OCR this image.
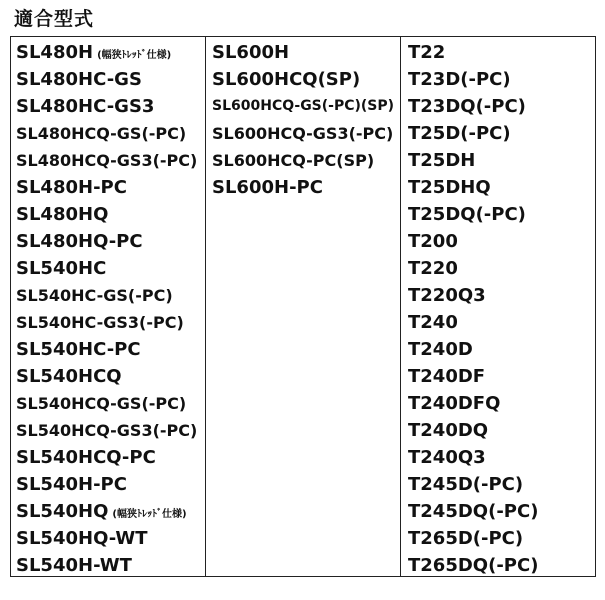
適合型式
SL480H (幅狭ﾄﾚｯﾄﾞ仕様)
SL480HC-GS
SL480HC-GS3
SL480HCQ-GS(-PC)
SL480HCQ-GS3(-PC)
SL480H-PC
SL480HQ
SL480HQ-PC
SL540HC
SL540HC-GS(-PC)
SL540HC-GS3(-PC)
SL540HC-PC
SL540HCQ
SL540HCQ-GS(-PC)
SL540HCQ-GS3(-PC)
SL540HCQ-PC
SL540H-PC
SL540HQ (幅狭ﾄﾚｯﾄﾞ仕様)
SL540HQ-WT
SL540H-WT
SL600H
SL600HCQ(SP)
SL600HCQ-GS(-PC)(SP)
SL600HCQ-GS3(-PC)
SL600HCQ-PC(SP)
SL600H-PC
T22
T23D(-PC)
T23DQ(-PC)
T25D(-PC)
T25DH
T25DHQ
T25DQ(-PC)
T200
T220
T220Q3
T240
T240D
T240DF
T240DFQ
T240DQ
T240Q3
T245D(-PC)
T245DQ(-PC)
T265D(-PC)
T265DQ(-PC)
